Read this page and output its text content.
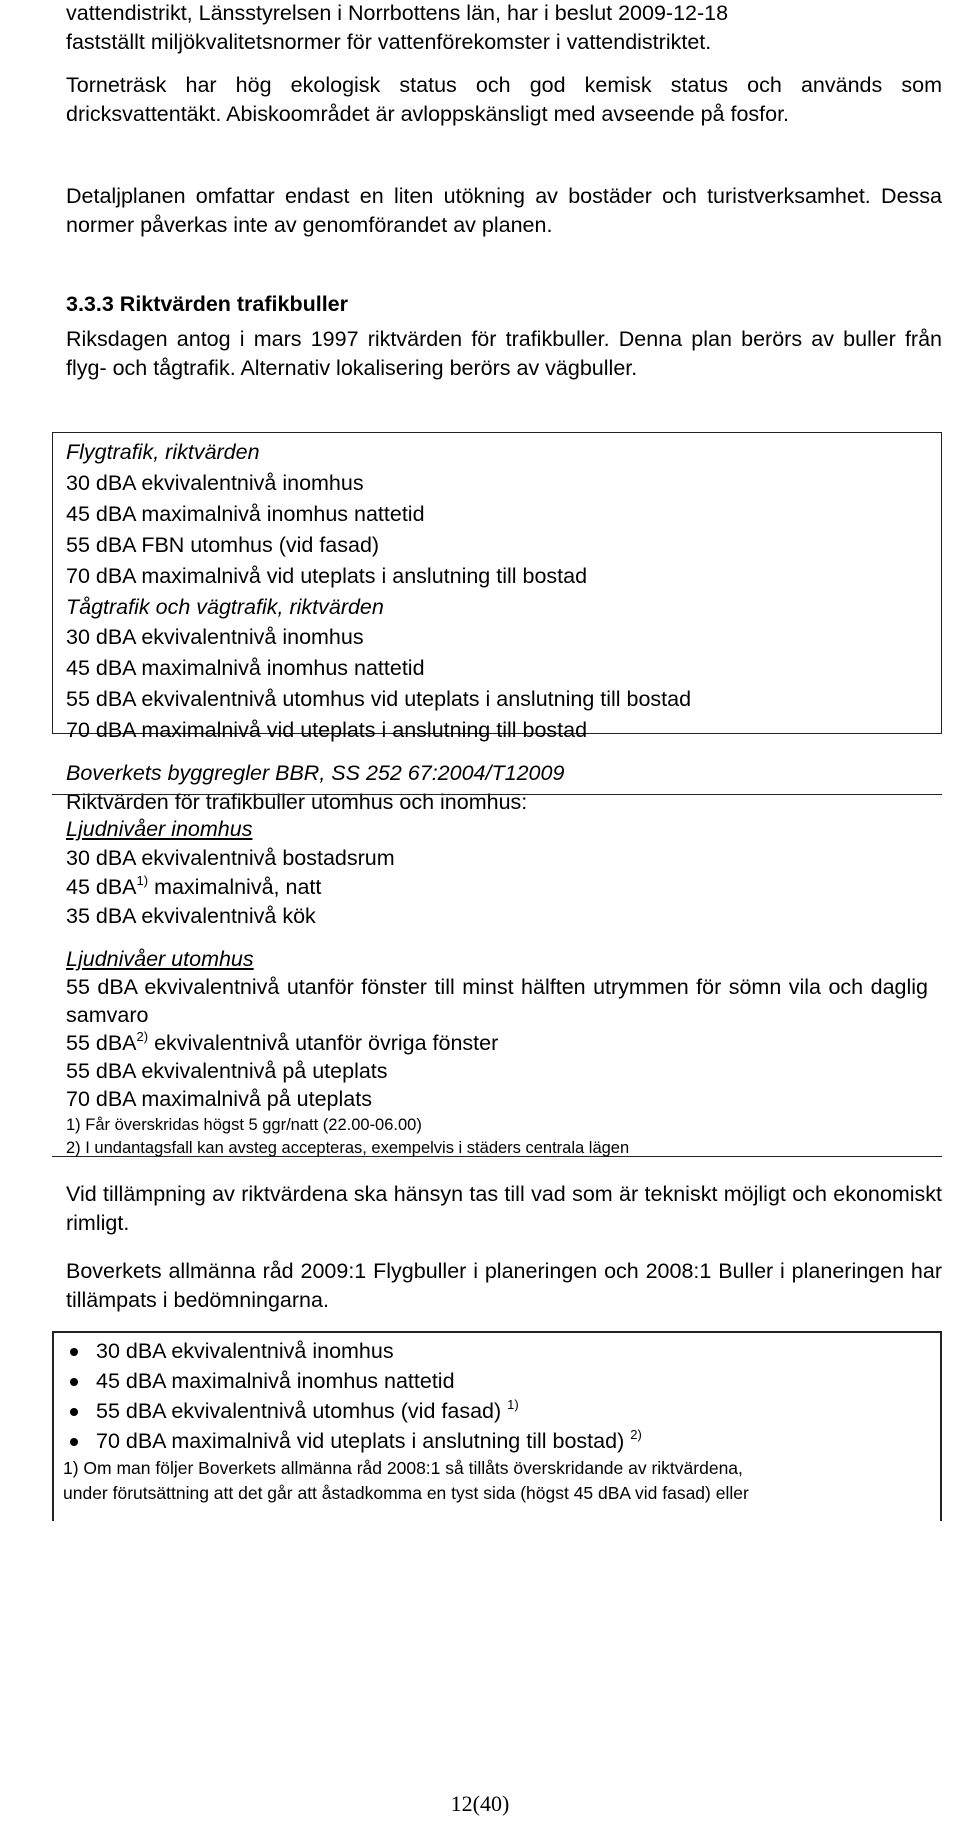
vattendistrikt, Länsstyrelsen i Norrbottens län, har i beslut 2009-12-18
fastställt miljökvalitetsnormer för vattenförekomster i vattendistriktet.
Torneträsk har hög ekologisk status och god kemisk status och används som dricksvattentäkt. Abiskoområdet är avloppskänsligt med avseende på fosfor.
Detaljplanen omfattar endast en liten utökning av bostäder och turistverksamhet. Dessa normer påverkas inte av genomförandet av planen.
3.3.3 Riktvärden trafikbuller
Riksdagen antog i mars 1997 riktvärden för trafikbuller. Denna plan berörs av buller från flyg- och tågtrafik. Alternativ lokalisering berörs av vägbuller.
Flygtrafik, riktvärden
30 dBA ekvivalentnivå inomhus
45 dBA maximalnivå inomhus nattetid
55 dBA FBN utomhus (vid fasad)
70 dBA maximalnivå vid uteplats i anslutning till bostad
Tågtrafik och vägtrafik, riktvärden
30 dBA ekvivalentnivå inomhus
45 dBA maximalnivå inomhus nattetid
55 dBA ekvivalentnivå utomhus vid uteplats i anslutning till bostad
70 dBA maximalnivå vid uteplats i anslutning till bostad
Boverkets byggregler BBR, SS 252 67:2004/T12009
Riktvärden för trafikbuller utomhus och inomhus:
Ljudnivåer inomhus
30 dBA ekvivalentnivå bostadsrum
45 dBA$^{1)}$ maximalnivå, natt
35 dBA ekvivalentnivå kök
Ljudnivåer utomhus
55 dBA ekvivalentnivå utanför fönster till minst hälften utrymmen för sömn vila och daglig samvaro
55 dBA$^{2)}$ ekvivalentnivå utanför övriga fönster
55 dBA ekvivalentnivå på uteplats
70 dBA maximalnivå på uteplats
1) Får överskridas högst 5 ggr/natt (22.00-06.00)
2) I undantagsfall kan avsteg accepteras, exempelvis i städers centrala lägen
Vid tillämpning av riktvärdena ska hänsyn tas till vad som är tekniskt möjligt och ekonomiskt rimligt.
Boverkets allmänna råd 2009:1 Flygbuller i planeringen och 2008:1 Buller i planeringen har tillämpats i bedömningarna.
30 dBA ekvivalentnivå inomhus
45 dBA maximalnivå inomhus nattetid
55 dBA ekvivalentnivå utomhus (vid fasad) $^{1)}$
70 dBA maximalnivå vid uteplats i anslutning till bostad) $^{2)}$
1) Om man följer Boverkets allmänna råd 2008:1 så tillåts överskridande av riktvärdena,
under förutsättning att det går att åstadkomma en tyst sida (högst 45 dBA vid fasad) eller
12(40)
